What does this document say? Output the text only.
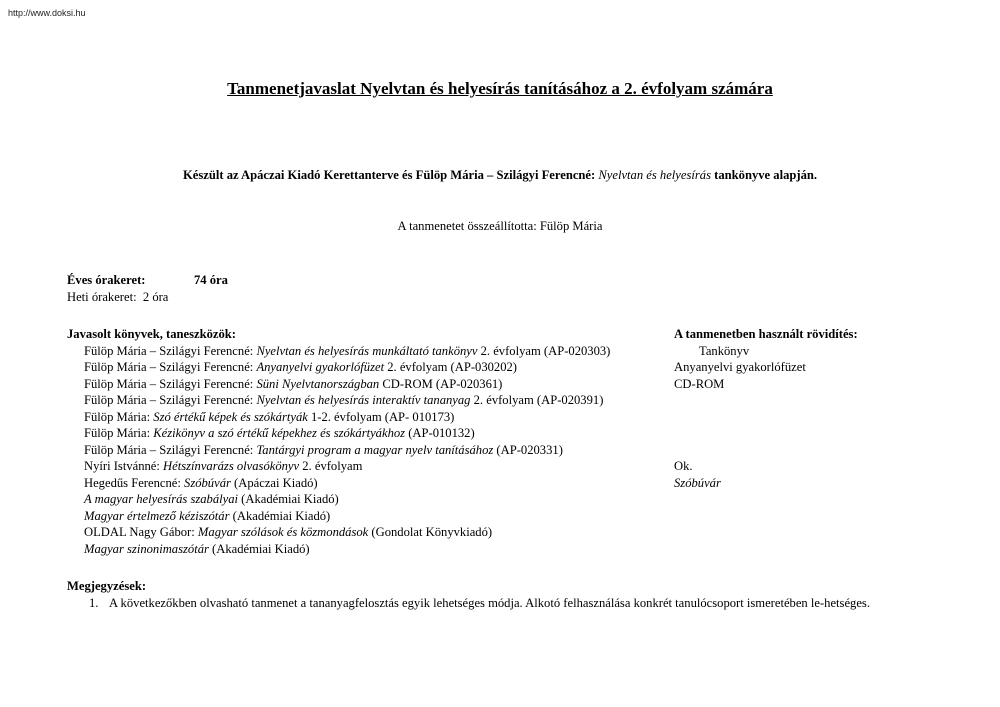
http://www.doksi.hu
Tanmenetjavaslat Nyelvtan és helyesírás tanításához a 2. évfolyam számára
Készült az Apáczai Kiadó Kerettanterve és Fülöp Mária – Szilágyi Ferencné: Nyelvtan és helyesírás tankönyve alapján.
A tanmenetet összeállította: Fülöp Mária
Éves órakeret:	74 óra
Heti órakeret:  2 óra
Javasolt könyvek, taneszközök:	A tanmenetben használt rövidítés:
Fülöp Mária – Szilágyi Ferencné: Nyelvtan és helyesírás munkáltató tankönyv 2. évfolyam (AP-020303)	Tankönyv
Fülöp Mária – Szilágyi Ferencné: Anyanyelvi gyakorlófüzet 2. évfolyam (AP-030202)	Anyanyelvi gyakorlófüzet
Fülöp Mária – Szilágyi Ferencné: Süni Nyelvtanországban CD-ROM (AP-020361)	CD-ROM
Fülöp Mária – Szilágyi Ferencné: Nyelvtan és helyesírás interaktív tananyag 2. évfolyam (AP-020391)
Fülöp Mária: Szó értékű képek és szókártyák 1-2. évfolyam (AP- 010173)
Fülöp Mária: Kézikönyv a szó értékű képekhez és szókártyákhoz (AP-010132)
Fülöp Mária – Szilágyi Ferencné: Tantárgyi program a magyar nyelv tanításához (AP-020331)
Nyíri Istvánné: Hétszínvarázs olvasókönyv 2. évfolyam	Ok.
Hegedűs Ferencné: Szóbúvár (Apáczai Kiadó)	Szóbúvár
A magyar helyesírás szabályai (Akadémiai Kiadó)
Magyar értelmező kéziszótár (Akadémiai Kiadó)
OLDAL Nagy Gábor: Magyar szólások és közmondások (Gondolat Könyvkiadó)
Magyar szinonimaszótár (Akadémiai Kiadó)
Megjegyzések:
1. A következőkben olvasható tanmenet a tananyagfelosztás egyik lehetséges módja. Alkotó felhasználása konkrét tanulócsoport ismeretében le-hetséges.
